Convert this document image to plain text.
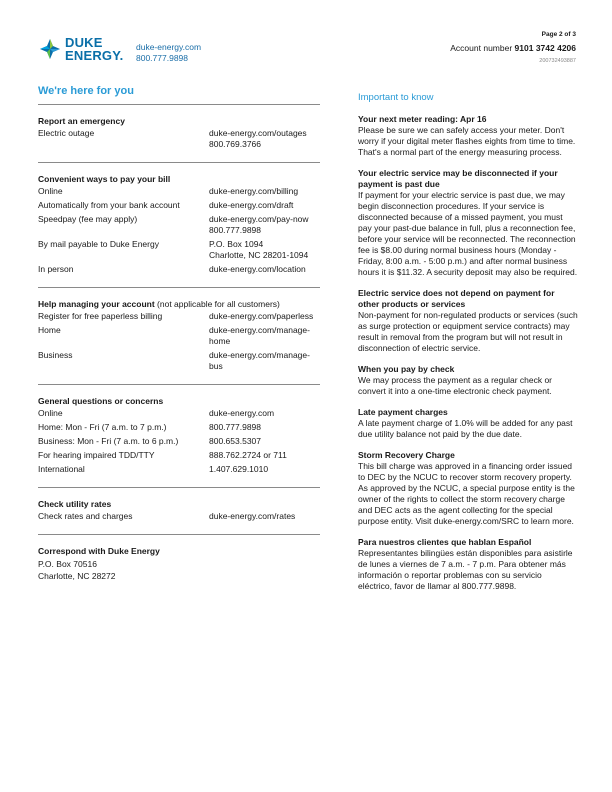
DUKE
ENERGY.
duke-energy.com
800.777.9898
Page 2 of 3
Account number 9101 3742 4206
200732493887
We're here for you
Report an emergency
Electric outage	duke-energy.com/outages
800.769.3766
Convenient ways to pay your bill
Online	duke-energy.com/billing
Automatically from your bank account	duke-energy.com/draft
Speedpay (fee may apply)	duke-energy.com/pay-now
800.777.9898
By mail payable to Duke Energy	P.O. Box 1094
Charlotte, NC 28201-1094
In person	duke-energy.com/location
Help managing your account (not applicable for all customers)
Register for free paperless billing	duke-energy.com/paperless
Home	duke-energy.com/manage-home
Business	duke-energy.com/manage-bus
General questions or concerns
Online	duke-energy.com
Home: Mon - Fri (7 a.m. to 7 p.m.)	800.777.9898
Business: Mon - Fri (7 a.m. to 6 p.m.)	800.653.5307
For hearing impaired TDD/TTY	888.762.2724 or 711
International	1.407.629.1010
Check utility rates
Check rates and charges	duke-energy.com/rates
Correspond with Duke Energy
P.O. Box 70516
Charlotte, NC 28272
Important to know
Your next meter reading: Apr 16
Please be sure we can safely access your meter. Don't worry if your digital meter flashes eights from time to time. That's a normal part of the energy measuring process.
Your electric service may be disconnected if your payment is past due
If payment for your electric service is past due, we may begin disconnection procedures. If your service is disconnected because of a missed payment, you must pay your past-due balance in full, plus a reconnection fee, before your service will be reconnected. The reconnection fee is $8.00 during normal business hours (Monday - Friday, 8:00 a.m. - 5:00 p.m.) and after normal business hours it is $11.32. A security deposit may also be required.
Electric service does not depend on payment for other products or services
Non-payment for non-regulated products or services (such as surge protection or equipment service contracts) may result in removal from the program but will not result in disconnection of electric service.
When you pay by check
We may process the payment as a regular check or convert it into a one-time electronic check payment.
Late payment charges
A late payment charge of 1.0% will be added for any past due utility balance not paid by the due date.
Storm Recovery Charge
This bill charge was approved in a financing order issued to DEC by the NCUC to recover storm recovery property. As approved by the NCUC, a special purpose entity is the owner of the rights to collect the storm recovery charge and DEC acts as the agent collecting for the special purpose entity. Visit duke-energy.com/SRC to learn more.
Para nuestros clientes que hablan Español
Representantes bilingües están disponibles para asistirle de lunes a viernes de 7 a.m. - 7 p.m. Para obtener más información o reportar problemas con su servicio eléctrico, favor de llamar al 800.777.9898.
